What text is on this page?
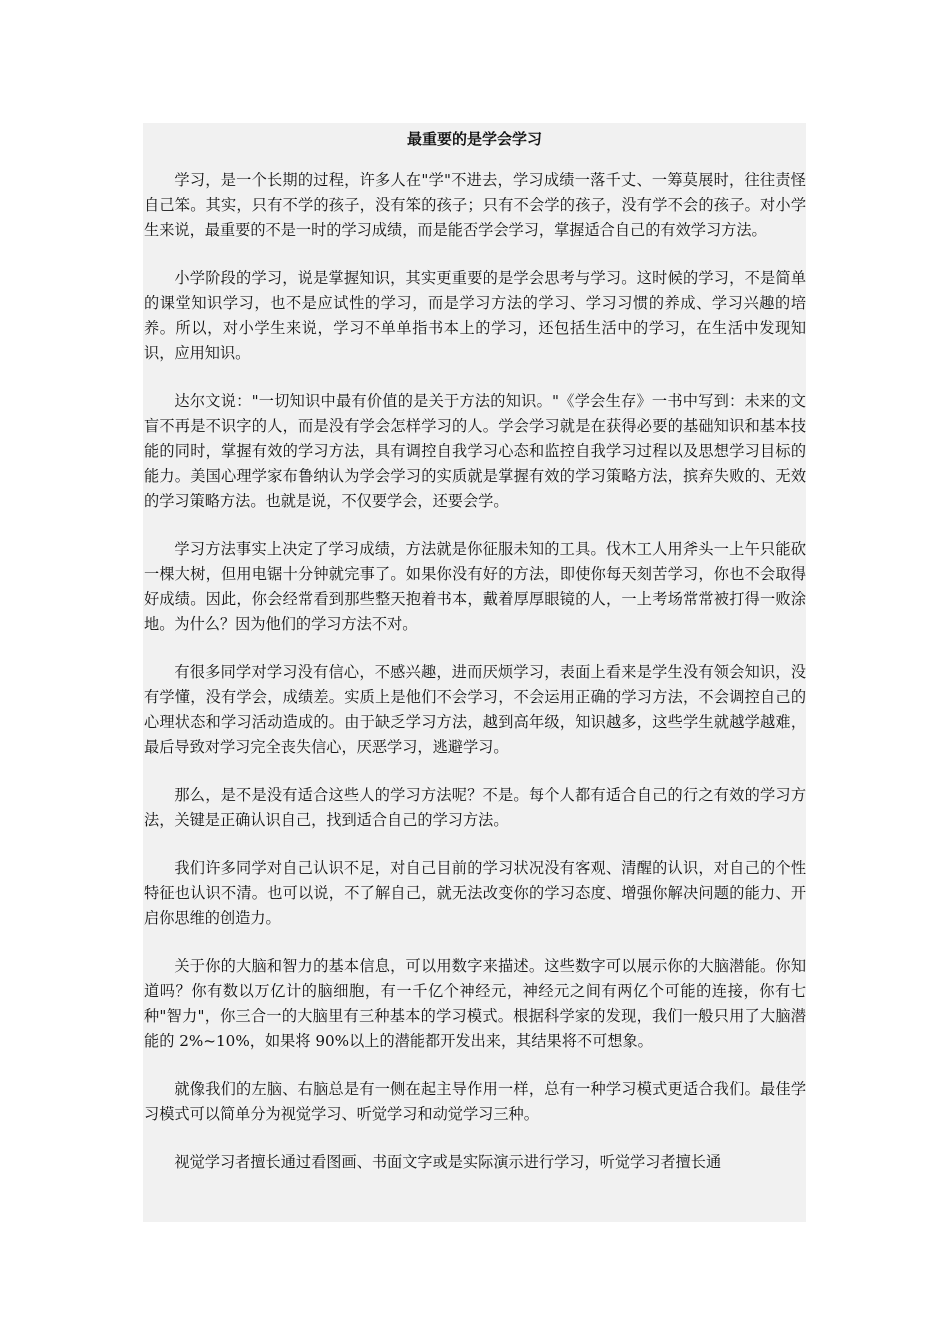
最重要的是学会学习

学习，是一个长期的过程，许多人在"学"不进去，学习成绩一落千丈、一筹莫展时，往往责怪自己笨。其实，只有不学的孩子，没有笨的孩子；只有不会学的孩子，没有学不会的孩子。对小学生来说，最重要的不是一时的学习成绩，而是能否学会学习，掌握适合自己的有效学习方法。

小学阶段的学习，说是掌握知识，其实更重要的是学会思考与学习。这时候的学习，不是简单的课堂知识学习，也不是应试性的学习，而是学习方法的学习、学习习惯的养成、学习兴趣的培养。所以，对小学生来说，学习不单单指书本上的学习，还包括生活中的学习，在生活中发现知识，应用知识。

达尔文说："一切知识中最有价值的是关于方法的知识。"《学会生存》一书中写到：未来的文盲不再是不识字的人，而是没有学会怎样学习的人。学会学习就是在获得必要的基础知识和基本技能的同时，掌握有效的学习方法，具有调控自我学习心态和监控自我学习过程以及思想学习目标的能力。美国心理学家布鲁纳认为学会学习的实质就是掌握有效的学习策略方法，摈弃失败的、无效的学习策略方法。也就是说，不仅要学会，还要会学。

学习方法事实上决定了学习成绩，方法就是你征服未知的工具。伐木工人用斧头一上午只能砍一棵大树，但用电锯十分钟就完事了。如果你没有好的方法，即使你每天刻苦学习，你也不会取得好成绩。因此，你会经常看到那些整天抱着书本，戴着厚厚眼镜的人，一上考场常常被打得一败涂地。为什么？因为他们的学习方法不对。

有很多同学对学习没有信心，不感兴趣，进而厌烦学习，表面上看来是学生没有领会知识，没有学懂，没有学会，成绩差。实质上是他们不会学习，不会运用正确的学习方法，不会调控自己的心理状态和学习活动造成的。由于缺乏学习方法，越到高年级，知识越多，这些学生就越学越难，最后导致对学习完全丧失信心，厌恶学习，逃避学习。

那么，是不是没有适合这些人的学习方法呢？不是。每个人都有适合自己的行之有效的学习方法，关键是正确认识自己，找到适合自己的学习方法。

我们许多同学对自己认识不足，对自己目前的学习状况没有客观、清醒的认识，对自己的个性特征也认识不清。也可以说，不了解自己，就无法改变你的学习态度、增强你解决问题的能力、开启你思维的创造力。

关于你的大脑和智力的基本信息，可以用数字来描述。这些数字可以展示你的大脑潜能。你知道吗？你有数以万亿计的脑细胞，有一千亿个神经元，神经元之间有两亿个可能的连接，你有七种"智力"，你三合一的大脑里有三种基本的学习模式。根据科学家的发现，我们一般只用了大脑潜能的 2%~10%，如果将 90%以上的潜能都开发出来，其结果将不可想象。

就像我们的左脑、右脑总是有一侧在起主导作用一样，总有一种学习模式更适合我们。最佳学习模式可以简单分为视觉学习、听觉学习和动觉学习三种。

视觉学习者擅长通过看图画、书面文字或是实际演示进行学习，听觉学习者擅长通
